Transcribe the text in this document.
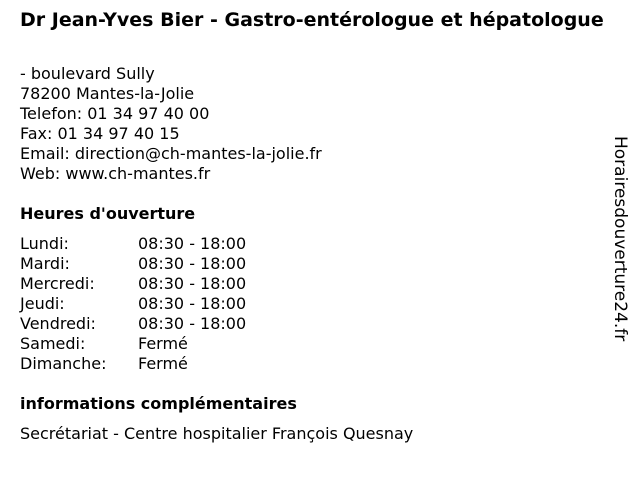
Dr Jean-Yves Bier - Gastro-entérologue et hépatologue
- boulevard Sully
78200 Mantes-la-Jolie
Telefon: 01 34 97 40 00
Fax: 01 34 97 40 15
Email: direction@ch-mantes-la-jolie.fr
Web: www.ch-mantes.fr
Heures d'ouverture
Lundi:	08:30 - 18:00
Mardi:	08:30 - 18:00
Mercredi:	08:30 - 18:00
Jeudi:	08:30 - 18:00
Vendredi:	08:30 - 18:00
Samedi:	Fermé
Dimanche:	Fermé
informations complémentaires
Secrétariat - Centre hospitalier François Quesnay
Horairesdouverture24.fr
